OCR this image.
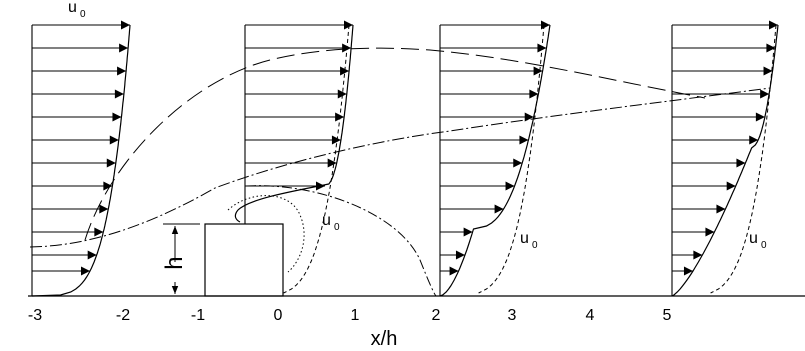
h
u 0
u 0
u 0	u 0
-3	-2	-1	0	1	2	3	4	5
x/h
